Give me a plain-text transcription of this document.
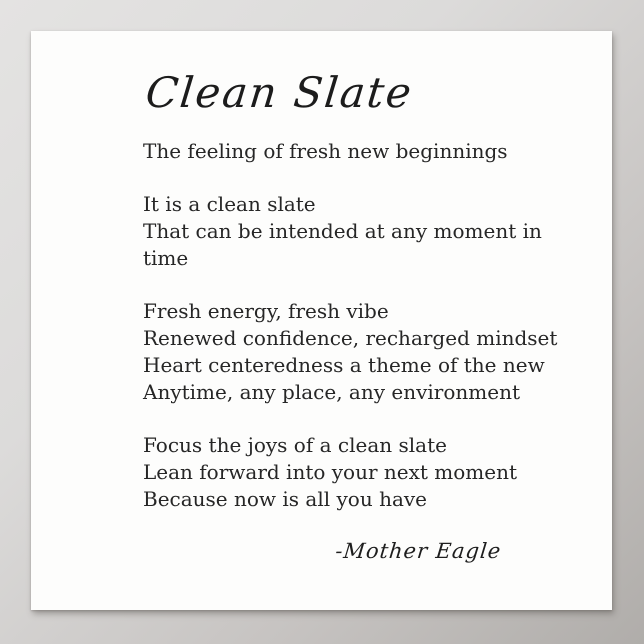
Clean Slate
The feeling of fresh new beginnings
It is a clean slate
That can be intended at any moment in
time
Fresh energy, fresh vibe
Renewed confidence, recharged mindset
Heart centeredness a theme of the new
Anytime, any place, any environment
Focus the joys of a clean slate
Lean forward into your next moment
Because now is all you have
-Mother Eagle
